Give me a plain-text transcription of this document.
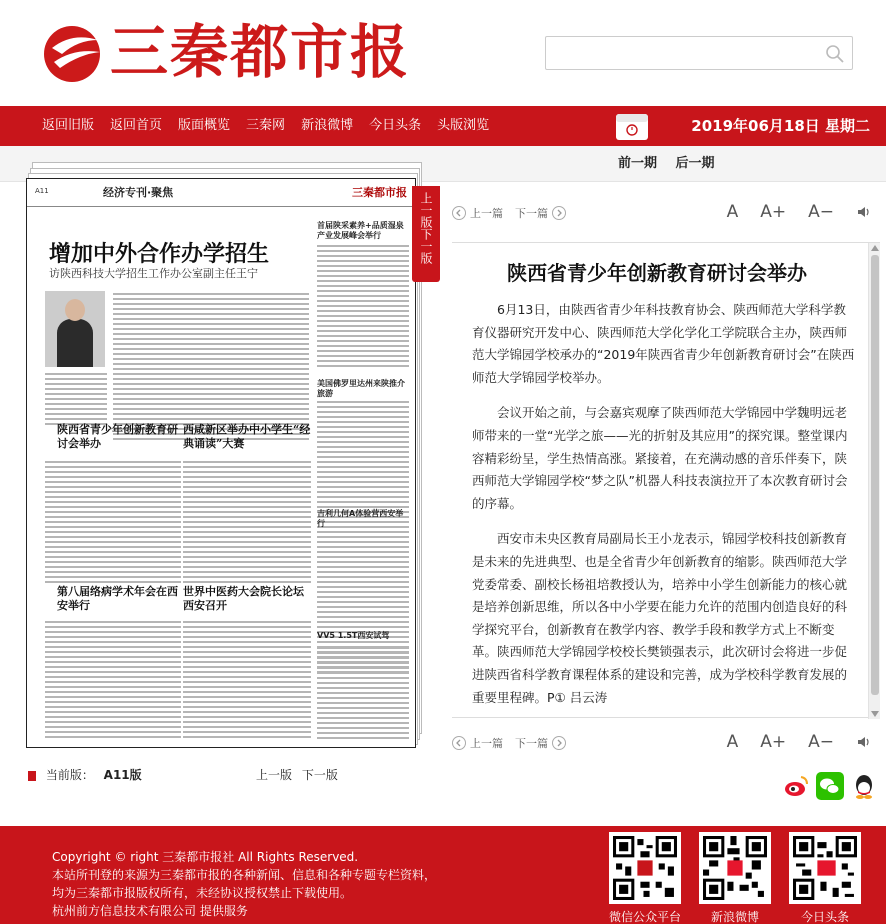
三秦都市报
返回旧版	返回首页	版面概览	三秦网	新浪微博	今日头条	头版浏览	2019年06月18日 星期二
前一期 后一期
A11	经济专刊·聚焦	三秦都市报
增加中外合作办学招生
访陕西科技大学招生工作办公室副主任王宁
首届陕采素养+品质湿泉产业发展峰会举行
美国佛罗里达州来陕推介旅游
吉利几何A体验营西安举行
VV5 1.5T西安试驾
陕西省青少年创新教育研讨会举办
西咸新区举办中小学生“经典诵读”大赛
第八届络病学术年会在西安举行
世界中医药大会院长论坛西安召开
上一版
下一版
当前版： A11版	上一版 下一版
上一篇 下一篇	A A+ A−
陕西省青少年创新教育研讨会举办

6月13日，由陕西省青少年科技教育协会、陕西师范大学科学教育仪器研究开发中心、陕西师范大学化学化工学院联合主办，陕西师范大学锦园学校承办的“2019年陕西省青少年创新教育研讨会”在陕西师范大学锦园学校举办。

会议开始之前，与会嘉宾观摩了陕西师范大学锦园中学魏明远老师带来的一堂“光学之旅——光的折射及其应用”的探究课。整堂课内容精彩纷呈，学生热情高涨。紧接着，在充满动感的音乐伴奏下，陕西师范大学锦园学校“梦之队”机器人科技表演拉开了本次教育研讨会的序幕。

西安市未央区教育局副局长王小龙表示，锦园学校科技创新教育是未来的先进典型、也是全省青少年创新教育的缩影。陕西师范大学党委常委、副校长杨祖培教授认为，培养中小学生创新能力的核心就是培养创新思维，所以各中小学要在能力允许的范围内创造良好的科学探究平台，创新教育在教学内容、教学手段和教学方式上不断变革。陕西师范大学锦园学校校长樊锁强表示，此次研讨会将进一步促进陕西省科学教育课程体系的建设和完善，成为学校科学教育发展的重要里程碑。P① 吕云涛

上一篇 下一篇	A A+ A−
Copyright © right 三秦都市报社 All Rights Reserved.
本站所刊登的来源为三秦都市报的各种新闻、信息和各种专题专栏资料，
均为三秦都市报版权所有，未经协议授权禁止下载使用。
杭州前方信息技术有限公司 提供服务	微信公众平台	新浪微博	今日头条
